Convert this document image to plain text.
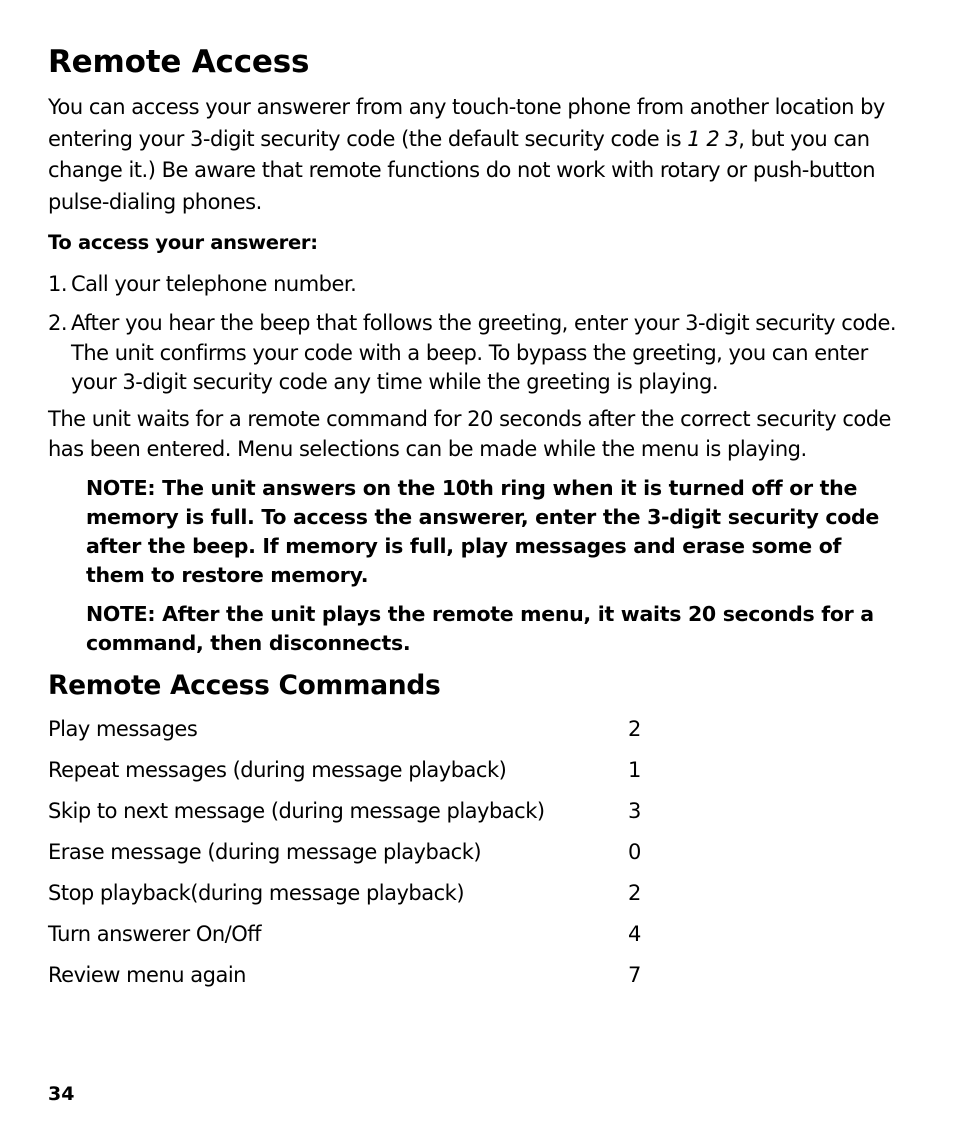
Remote Access

You can access your answerer from any touch-tone phone from another location by entering your 3-digit security code (the default security code is 1 2 3, but you can change it.) Be aware that remote functions do not work with rotary or push-button pulse-dialing phones.

To access your answerer:
1. Call your telephone number.
2. After you hear the beep that follows the greeting, enter your 3-digit security code. The unit confirms your code with a beep. To bypass the greeting, you can enter your 3-digit security code any time while the greeting is playing.

The unit waits for a remote command for 20 seconds after the correct security code has been entered. Menu selections can be made while the menu is playing.

NOTE: The unit answers on the 10th ring when it is turned off or the memory is full. To access the answerer, enter the 3-digit security code after the beep. If memory is full, play messages and erase some of them to restore memory.

NOTE: After the unit plays the remote menu, it waits 20 seconds for a command, then disconnects.

Remote Access Commands
Play messages	2
Repeat messages (during message playback)	1
Skip to next message (during message playback)	3
Erase message (during message playback)	0
Stop playback(during message playback)	2
Turn answerer On/Off	4
Review menu again	7
34
